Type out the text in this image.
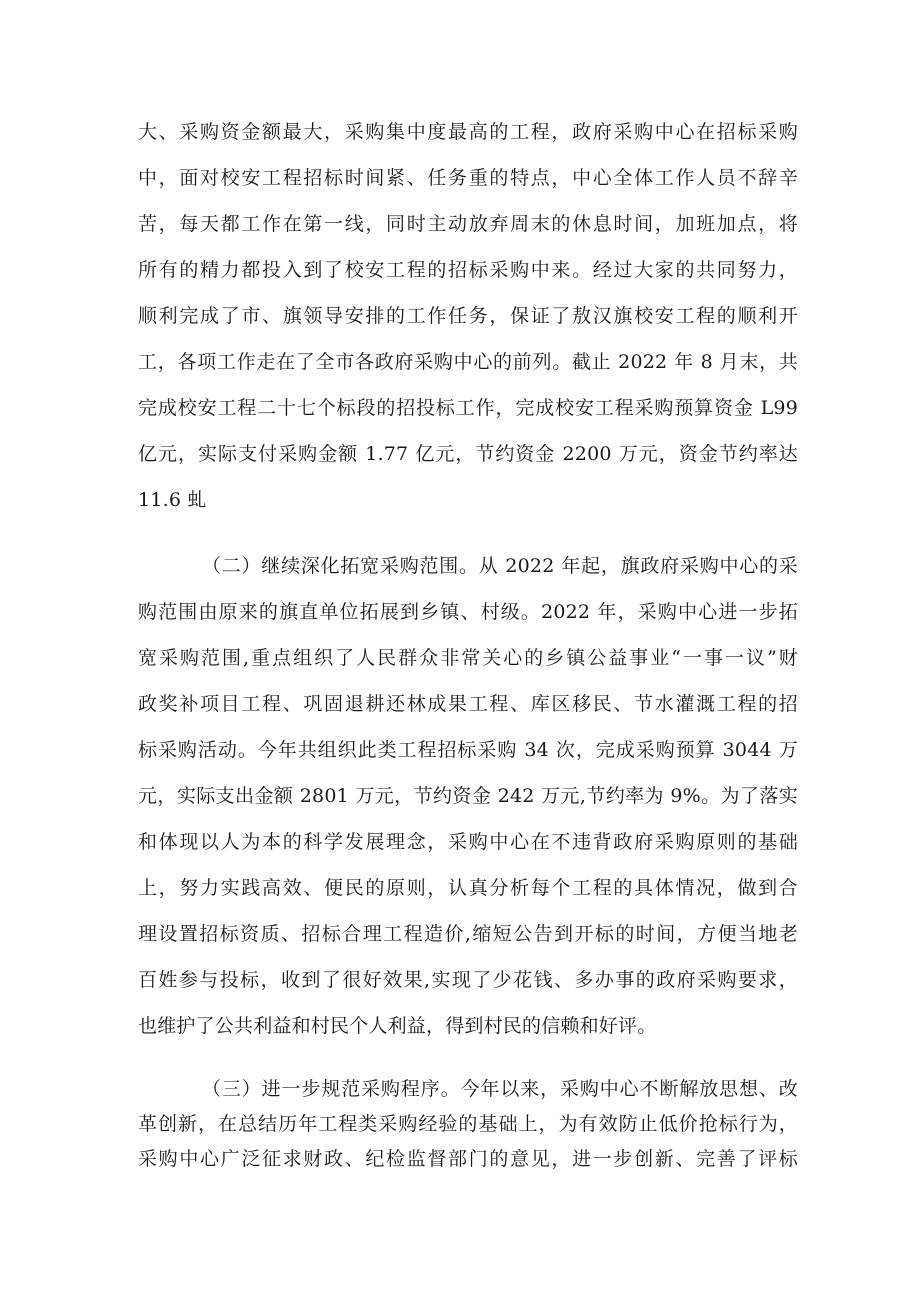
大、采购资金额最大，采购集中度最高的工程，政府采购中心在招标采购
中，面对校安工程招标时间紧、任务重的特点，中心全体工作人员不辞辛
苦，每天都工作在第一线，同时主动放弃周末的休息时间，加班加点，将
所有的精力都投入到了校安工程的招标采购中来。经过大家的共同努力，
顺利完成了市、旗领导安排的工作任务，保证了敖汉旗校安工程的顺利开
工，各项工作走在了全市各政府采购中心的前列。截止 2022 年 8 月末，共
完成校安工程二十七个标段的招投标工作，完成校安工程采购预算资金 L99
亿元，实际支付采购金额 1.77 亿元，节约资金 2200 万元，资金节约率达
11.6 虬
（二）继续深化拓宽采购范围。从 2022 年起，旗政府采购中心的采
购范围由原来的旗直单位拓展到乡镇、村级。2022 年，采购中心进一步拓
宽采购范围,重点组织了人民群众非常关心的乡镇公益事业“一事一议”财
政奖补项目工程、巩固退耕还林成果工程、库区移民、节水灌溉工程的招
标采购活动。今年共组织此类工程招标采购 34 次，完成采购预算 3044 万
元，实际支出金额 2801 万元，节约资金 242 万元,节约率为 9%。为了落实
和体现以人为本的科学发展理念，采购中心在不违背政府采购原则的基础
上，努力实践高效、便民的原则，认真分析每个工程的具体情况，做到合
理设置招标资质、招标合理工程造价,缩短公告到开标的时间，方便当地老
百姓参与投标，收到了很好效果,实现了少花钱、多办事的政府采购要求，
也维护了公共利益和村民个人利益，得到村民的信赖和好评。
（三）进一步规范采购程序。今年以来，采购中心不断解放思想、改
革创新，在总结历年工程类采购经验的基础上，为有效防止低价抢标行为，
采购中心广泛征求财政、纪检监督部门的意见，进一步创新、完善了评标
